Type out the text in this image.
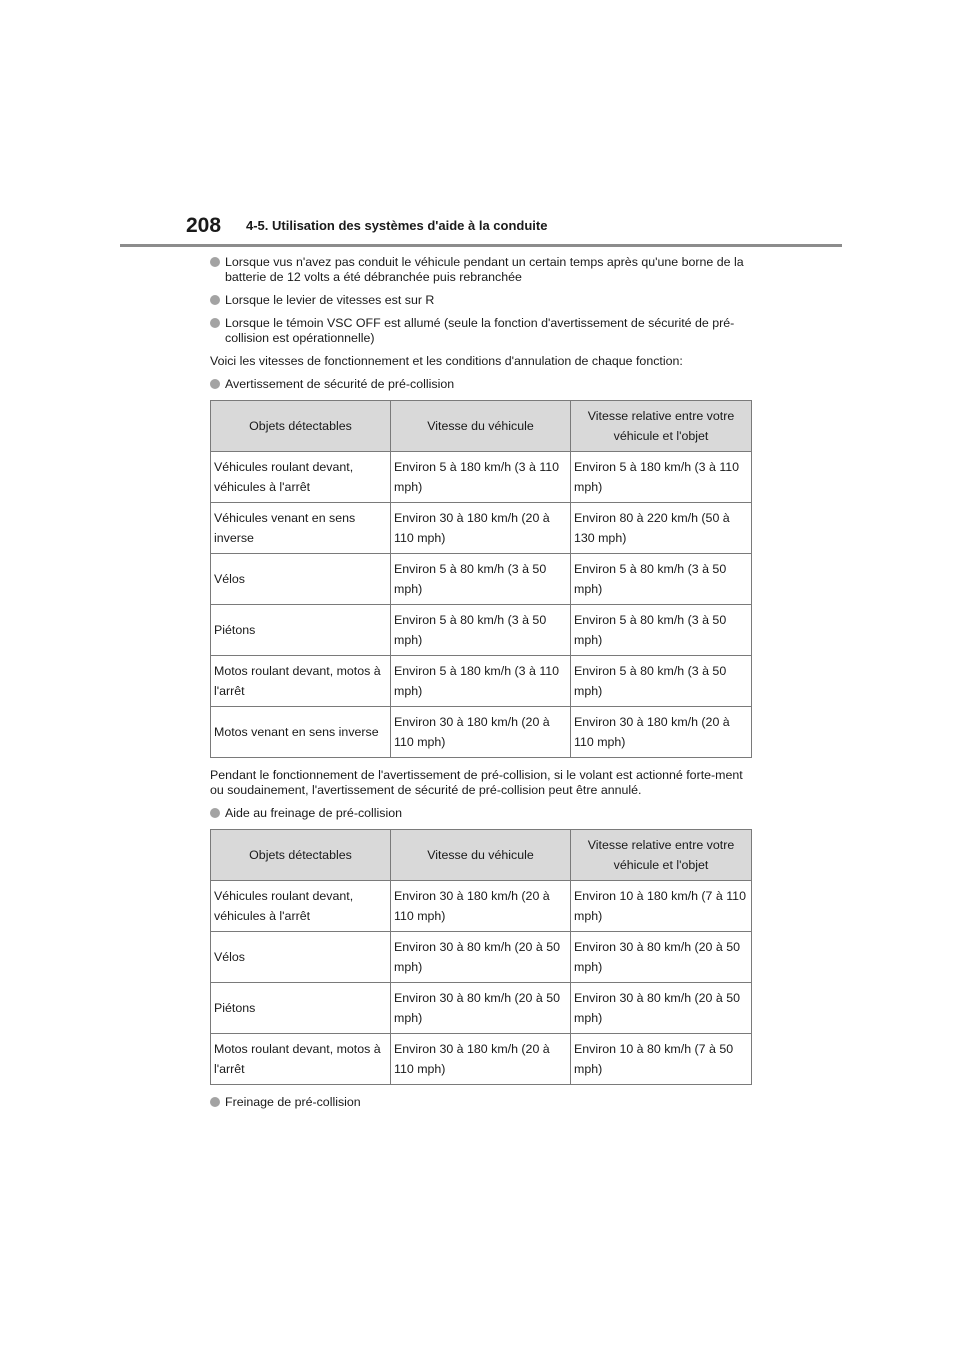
208 4-5. Utilisation des systèmes d'aide à la conduite
Lorsque vus n'avez pas conduit le véhicule pendant un certain temps après qu'une borne de la batterie de 12 volts a été débranchée puis rebranchée
Lorsque le levier de vitesses est sur R
Lorsque le témoin VSC OFF est allumé (seule la fonction d'avertissement de sécurité de pré-collision est opérationnelle)

Voici les vitesses de fonctionnement et les conditions d'annulation de chaque fonction:

Avertissement de sécurité de pré-collision
Objets détectables	Vitesse du véhicule	Vitesse relative entre votre véhicule et l'objet
Véhicules roulant devant, véhicules à l'arrêt	Environ 5 à 180 km/h (3 à 110 mph)	Environ 5 à 180 km/h (3 à 110 mph)
Véhicules venant en sens inverse	Environ 30 à 180 km/h (20 à 110 mph)	Environ 80 à 220 km/h (50 à 130 mph)
Vélos	Environ 5 à 80 km/h (3 à 50 mph)	Environ 5 à 80 km/h (3 à 50 mph)
Piétons	Environ 5 à 80 km/h (3 à 50 mph)	Environ 5 à 80 km/h (3 à 50 mph)
Motos roulant devant, motos à l'arrêt	Environ 5 à 180 km/h (3 à 110 mph)	Environ 5 à 80 km/h (3 à 50 mph)
Motos venant en sens inverse	Environ 30 à 180 km/h (20 à 110 mph)	Environ 30 à 180 km/h (20 à 110 mph)

Pendant le fonctionnement de l'avertissement de pré-collision, si le volant est actionné forte-ment ou soudainement, l'avertissement de sécurité de pré-collision peut être annulé.

Aide au freinage de pré-collision
Objets détectables	Vitesse du véhicule	Vitesse relative entre votre véhicule et l'objet
Véhicules roulant devant, véhicules à l'arrêt	Environ 30 à 180 km/h (20 à 110 mph)	Environ 10 à 180 km/h (7 à 110 mph)
Vélos	Environ 30 à 80 km/h (20 à 50 mph)	Environ 30 à 80 km/h (20 à 50 mph)
Piétons	Environ 30 à 80 km/h (20 à 50 mph)	Environ 30 à 80 km/h (20 à 50 mph)
Motos roulant devant, motos à l'arrêt	Environ 30 à 180 km/h (20 à 110 mph)	Environ 10 à 80 km/h (7 à 50 mph)
Freinage de pré-collision
